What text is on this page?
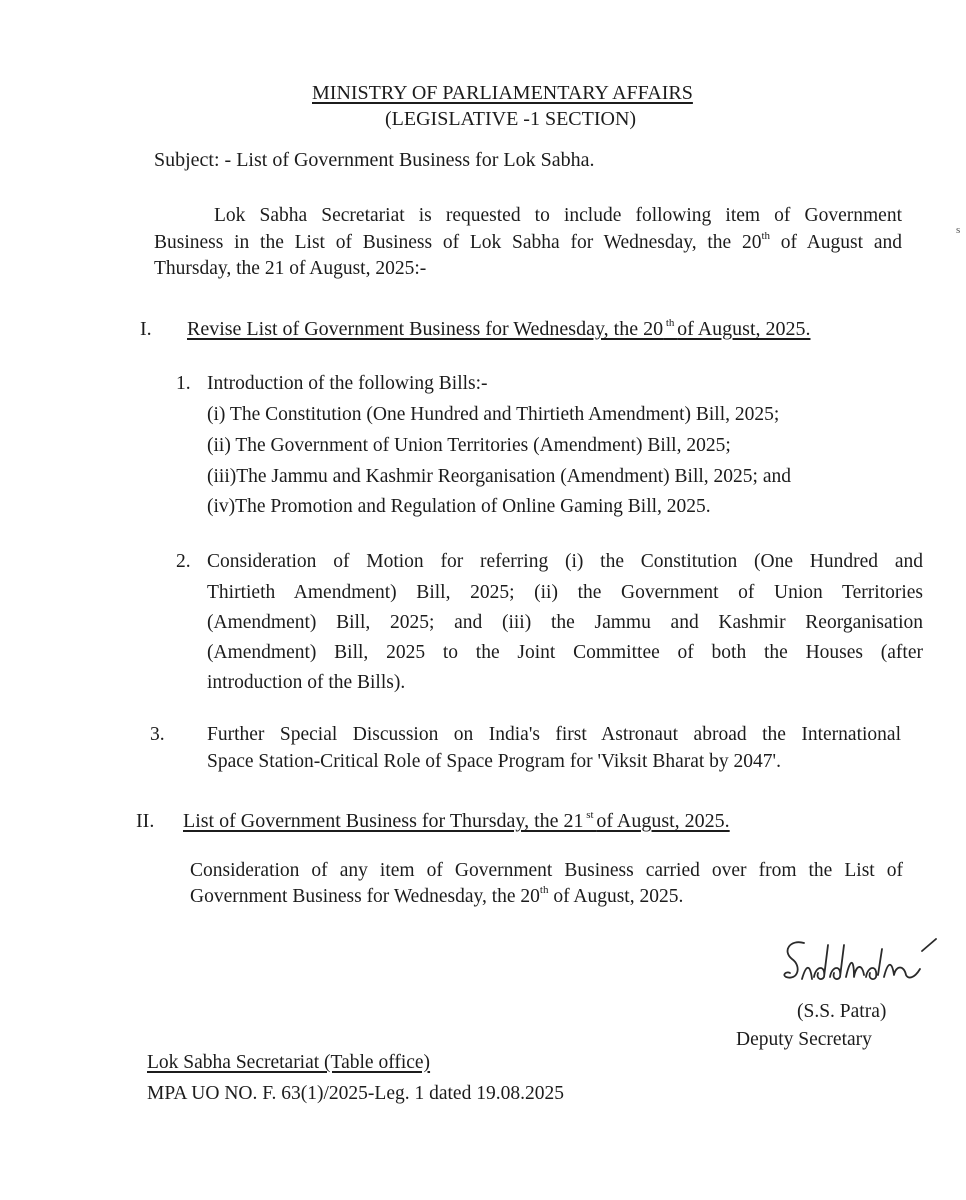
MINISTRY OF PARLIAMENTARY AFFAIRS
(LEGISLATIVE -1 SECTION)
Subject: - List of Government Business for Lok Sabha.
Lok Sabha Secretariat is requested to include following item of Government
Business in the List of Business of Lok Sabha for Wednesday, the 20th of August and
Thursday, the 21 of August, 2025:-
s
I. Revise List of Government Business for Wednesday, the 20 $^{th}$ of August, 2025.
1. Introduction of the following Bills:-
(i) The Constitution (One Hundred and Thirtieth Amendment) Bill, 2025;
(ii) The Government of Union Territories (Amendment) Bill, 2025;
(iii)The Jammu and Kashmir Reorganisation (Amendment) Bill, 2025; and
(iv)The Promotion and Regulation of Online Gaming Bill, 2025.
2. Consideration of Motion for referring (i) the Constitution (One Hundred and
Thirtieth Amendment) Bill, 2025; (ii) the Government of Union Territories
(Amendment) Bill, 2025; and (iii) the Jammu and Kashmir Reorganisation
(Amendment) Bill, 2025 to the Joint Committee of both the Houses (after
introduction of the Bills).
3. Further Special Discussion on India's first Astronaut abroad the International
Space Station-Critical Role of Space Program for 'Viksit Bharat by 2047'.
II. List of Government Business for Thursday, the 21 $^{st}$ of August, 2025.
Consideration of any item of Government Business carried over from the List of
Government Business for Wednesday, the 20th of August, 2025.
(S.S. Patra)
Deputy Secretary
Lok Sabha Secretariat (Table office)
MPA UO NO. F. 63(1)/2025-Leg. 1 dated 19.08.2025
